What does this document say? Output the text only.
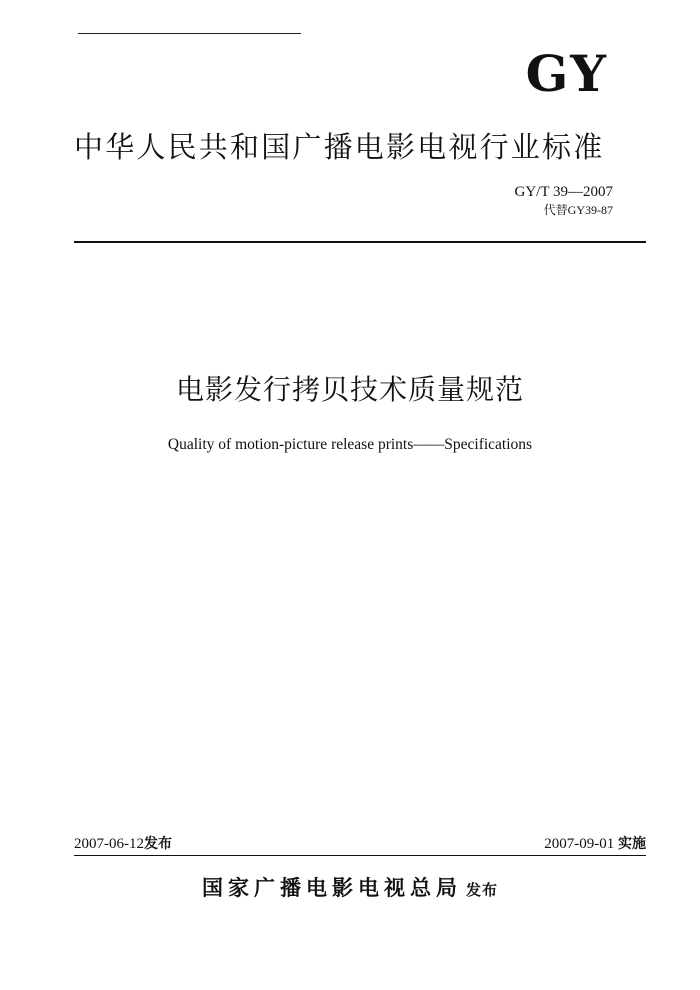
GY
中华人民共和国广播电影电视行业标准
GY/T 39—2007
代替GY39-87
电影发行拷贝技术质量规范
Quality of motion-picture release prints——Specifications
2007-06-12发布	2007-09-01 实施
国家广播电影电视总局 发布
